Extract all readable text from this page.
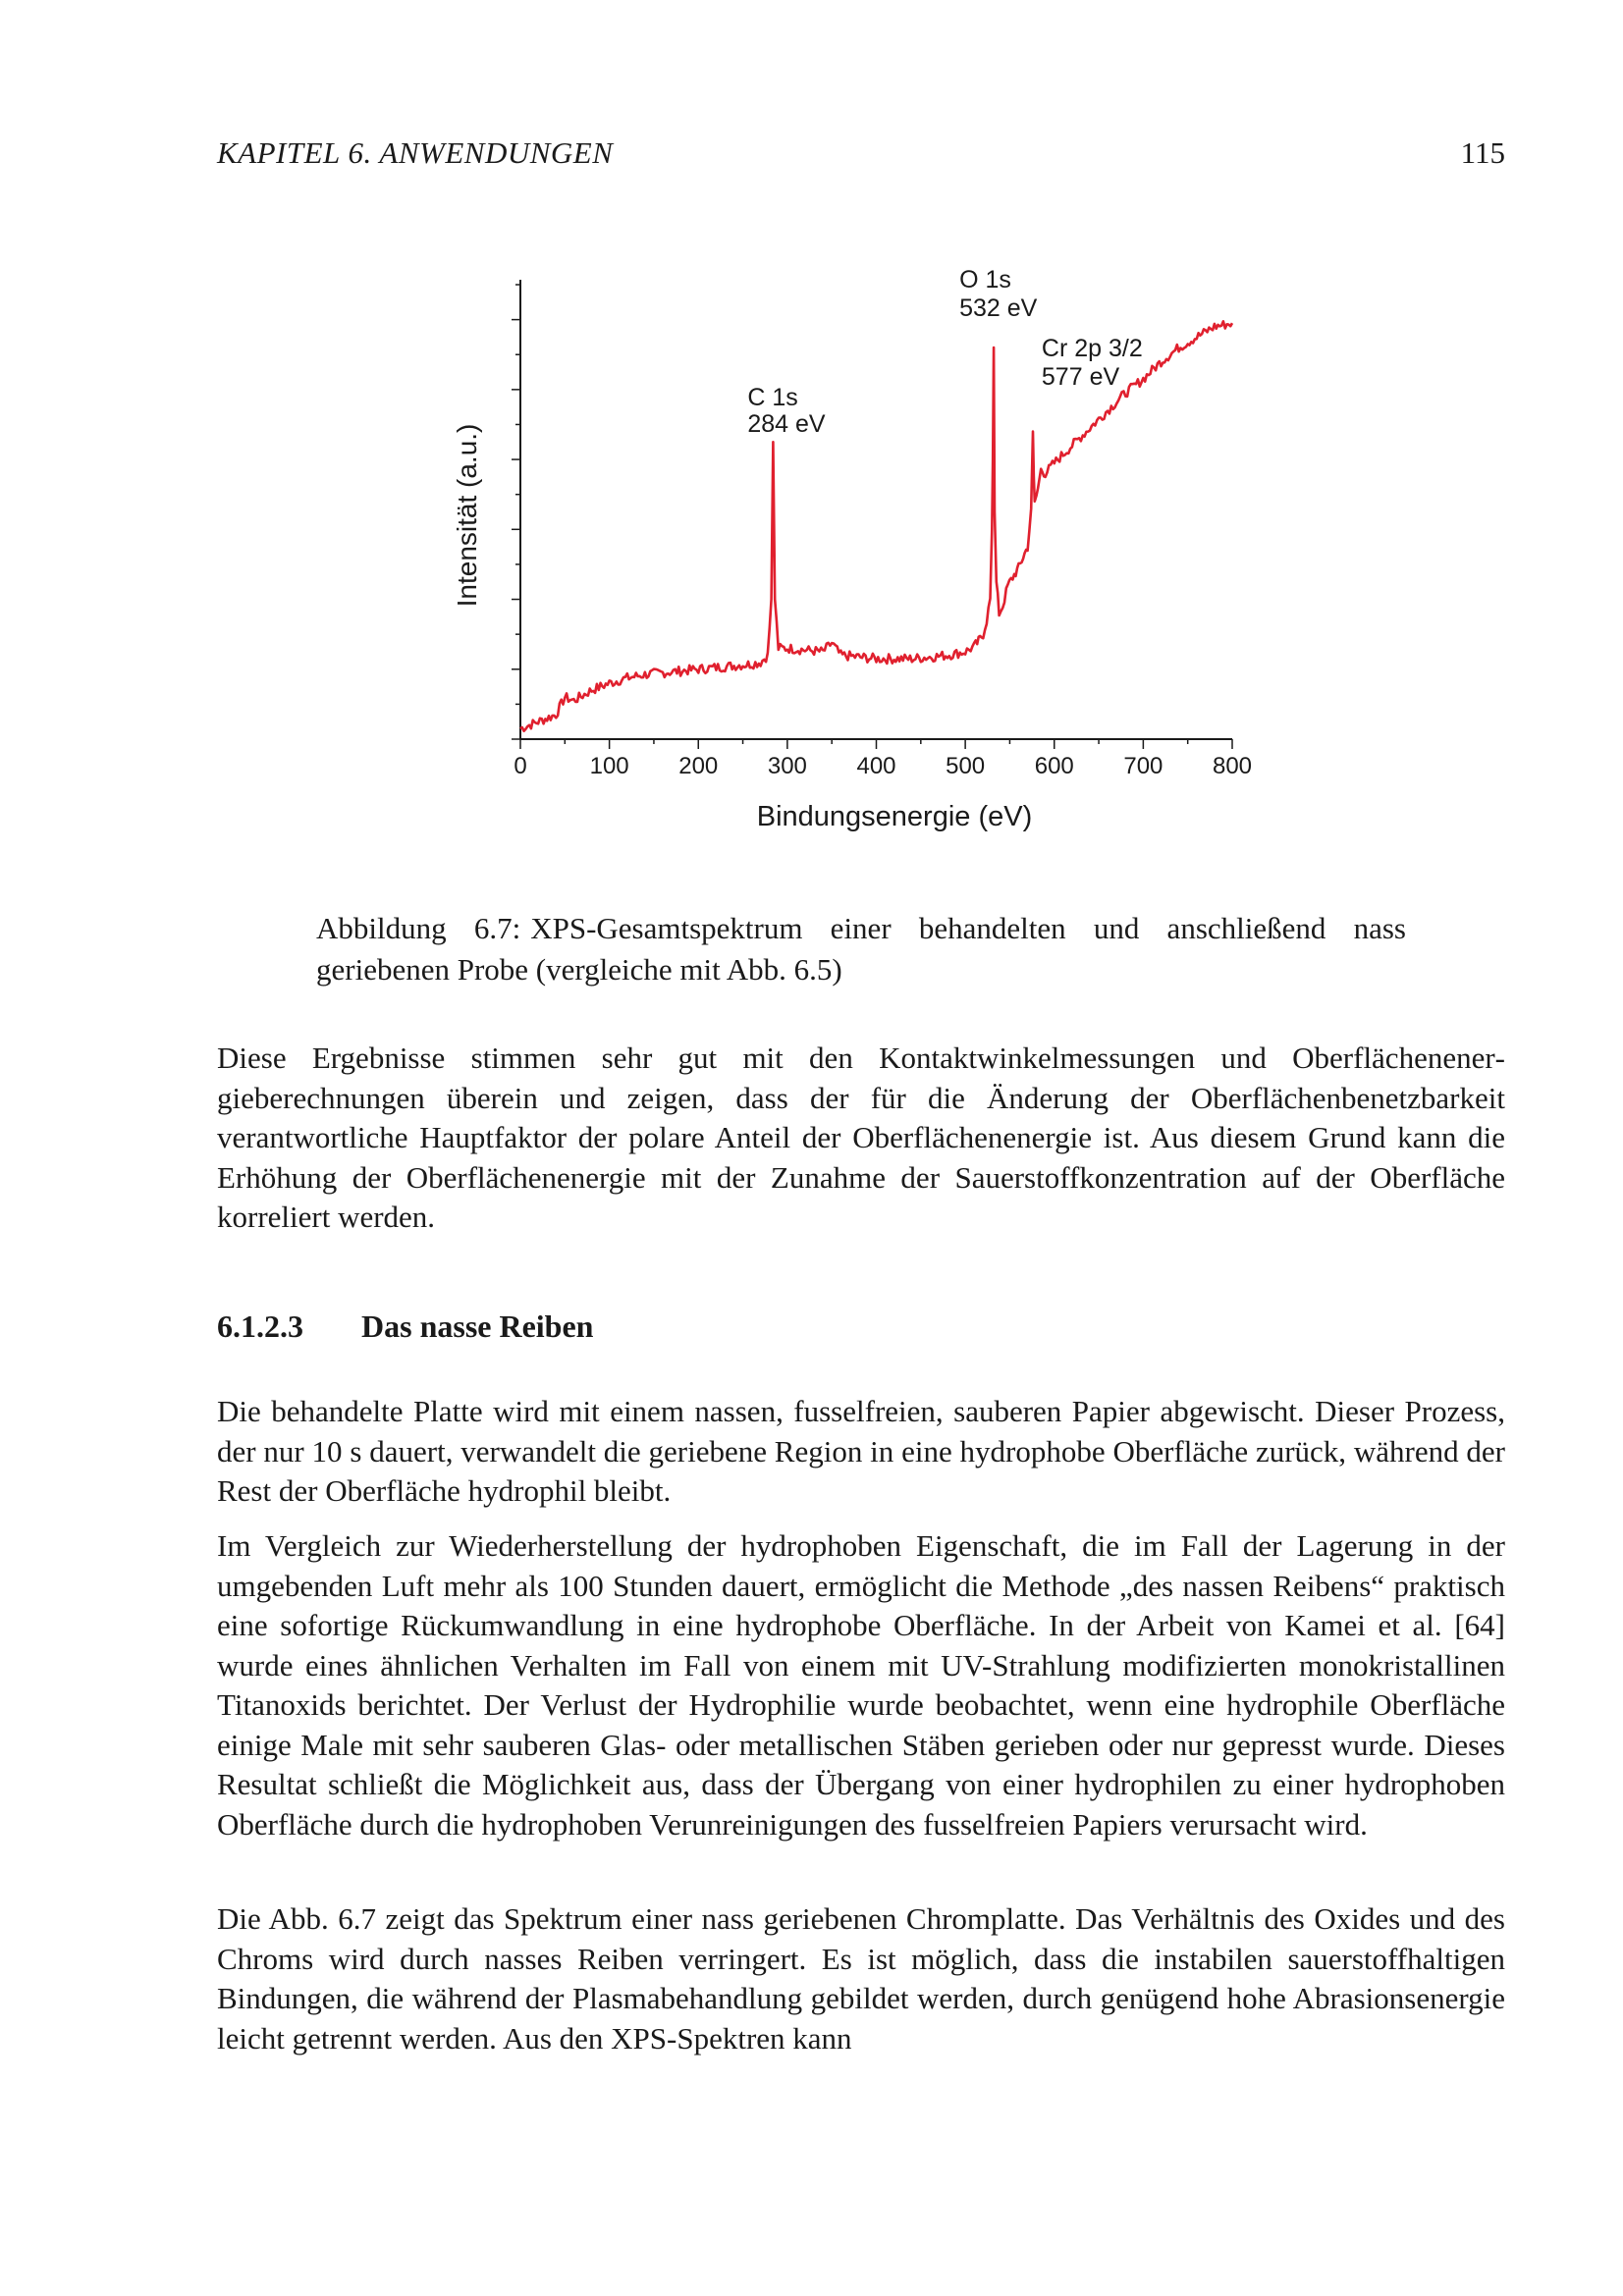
KAPITEL 6. ANWENDUNGEN	115
Intensität (a.u.)
0	100 200 300 400 500 600 700 800
C 1s
284 eV
O 1s
532 eV
Cr 2p 3/2
577 eV
Bindungsenergie (eV)
Abbildung 6.7: XPS-Gesamtspektrum einer behandelten und anschließend nass geriebenen Probe (vergleiche mit Abb. 6.5)
Diese Ergebnisse stimmen sehr gut mit den Kontaktwinkelmessungen und Oberflächenenergieberechnungen überein und zeigen, dass der für die Änderung der Oberflächenbenetzbarkeit verantwortliche Hauptfaktor der polare Anteil der Oberflächenenergie ist. Aus diesem Grund kann die Erhöhung der Oberflächenenergie mit der Zunahme der Sauerstoffkonzentration auf der Oberfläche korreliert werden.
6.1.2.3 Das nasse Reiben
Die behandelte Platte wird mit einem nassen, fusselfreien, sauberen Papier abgewischt. Dieser Prozess, der nur 10 s dauert, verwandelt die geriebene Region in eine hydrophobe Oberfläche zurück, während der Rest der Oberfläche hydrophil bleibt.
Im Vergleich zur Wiederherstellung der hydrophoben Eigenschaft, die im Fall der Lagerung in der umgebenden Luft mehr als 100 Stunden dauert, ermöglicht die Methode „des nassen Reibens“ praktisch eine sofortige Rückumwandlung in eine hydrophobe Oberfläche. In der Arbeit von Kamei et al. [64] wurde eines ähnlichen Verhalten im Fall von einem mit UV-Strahlung modifizierten monokristallinen Titanoxids berichtet. Der Verlust der Hydrophilie wurde beobachtet, wenn eine hydrophile Oberfläche einige Male mit sehr sauberen Glas- oder metallischen Stäben gerieben oder nur gepresst wurde. Dieses Resultat schließt die Möglichkeit aus, dass der Übergang von einer hydrophilen zu einer hydrophoben Oberfläche durch die hydrophoben Verunreinigungen des fusselfreien Papiers verursacht wird.
Die Abb. 6.7 zeigt das Spektrum einer nass geriebenen Chromplatte. Das Verhältnis des Oxides und des Chroms wird durch nasses Reiben verringert. Es ist möglich, dass die instabilen sauerstoffhaltigen Bindungen, die während der Plasmabehandlung gebildet werden, durch genügend hohe Abrasionsenergie leicht getrennt werden. Aus den XPS-Spektren kann
